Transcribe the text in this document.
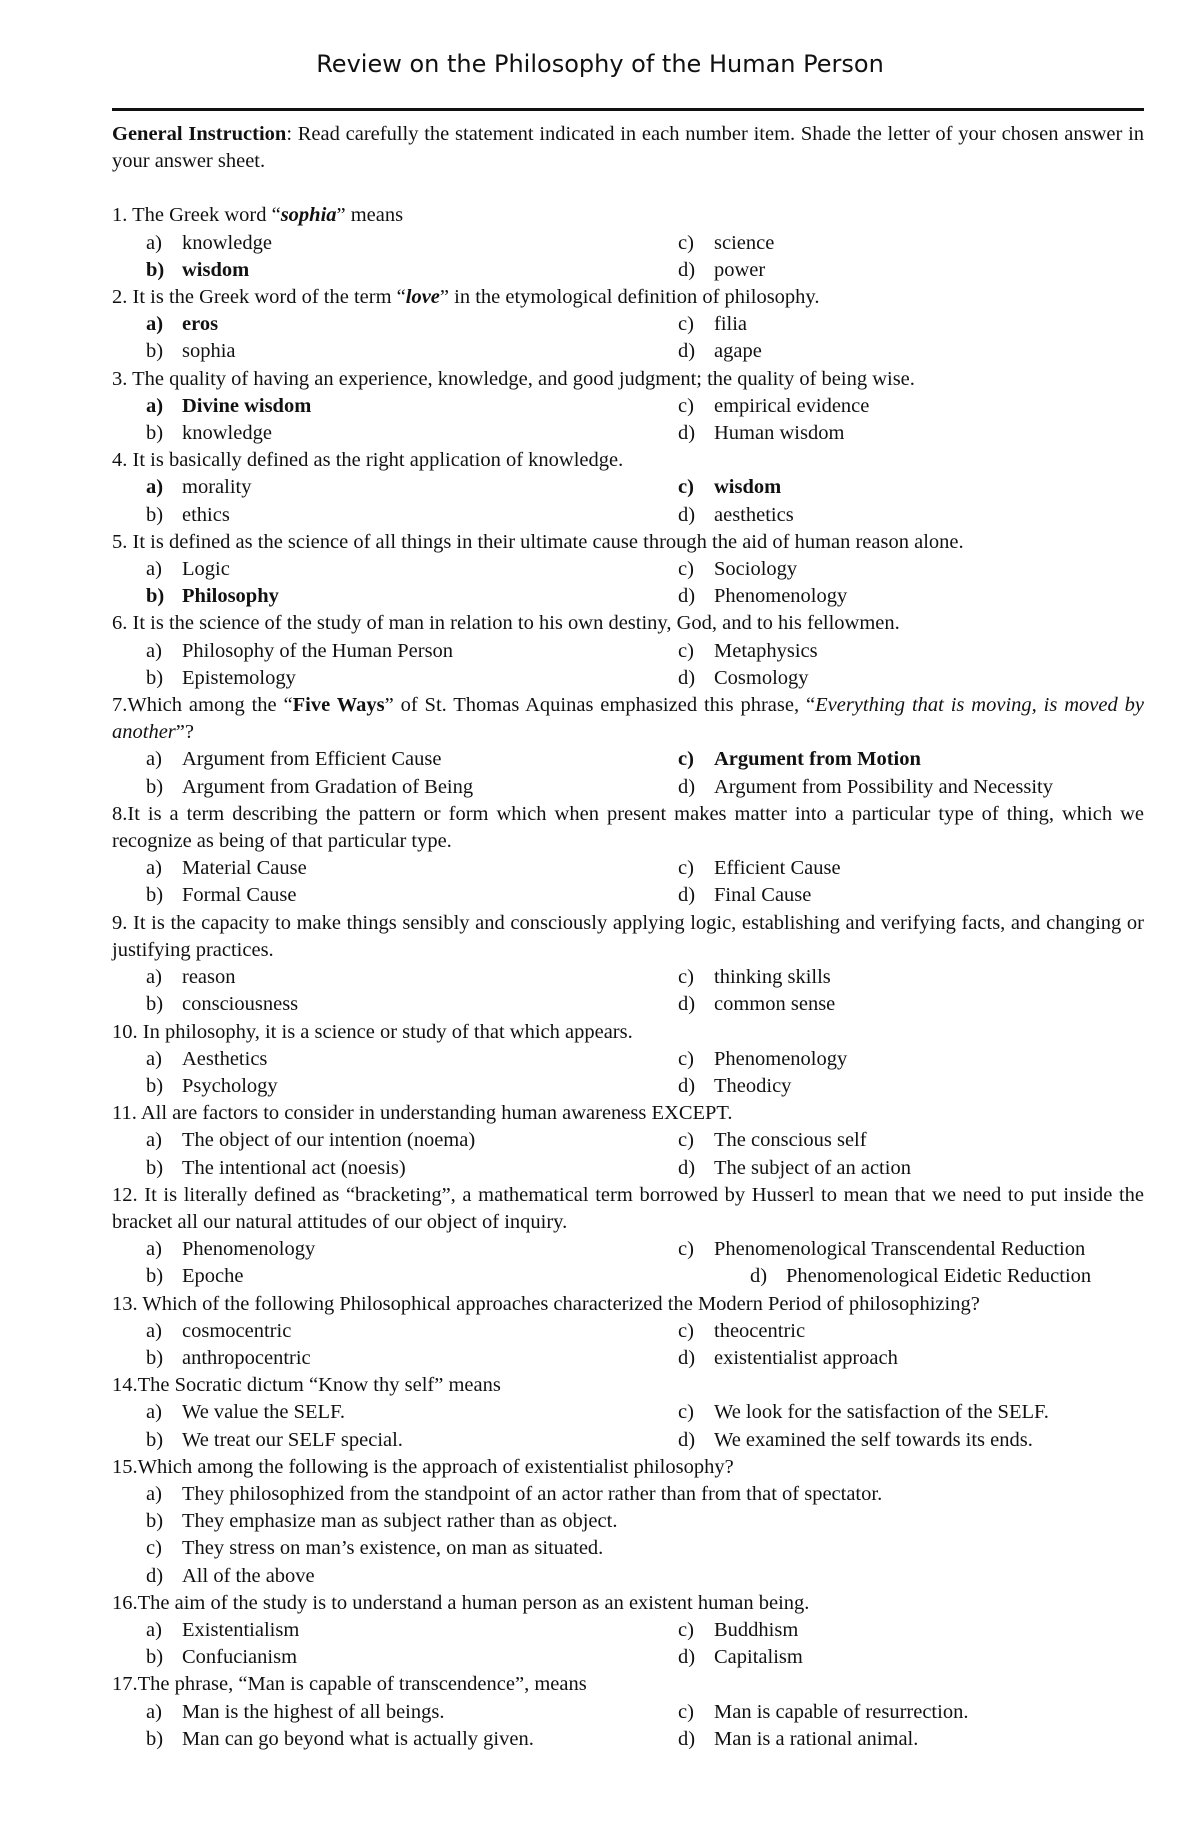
Review on the Philosophy of the Human Person

General Instruction: Read carefully the statement indicated in each number item. Shade the letter of your chosen answer in your answer sheet.

1. The Greek word “sophia” means
a) knowledge	c) science
b) wisdom	d) power
2. It is the Greek word of the term “love” in the etymological definition of philosophy.
a) eros	c) filia
b) sophia	d) agape
3. The quality of having an experience, knowledge, and good judgment; the quality of being wise.
a) Divine wisdom	c) empirical evidence
b) knowledge	d) Human wisdom
4. It is basically defined as the right application of knowledge.
a) morality	c) wisdom
b) ethics	d) aesthetics
5. It is defined as the science of all things in their ultimate cause through the aid of human reason alone.
a) Logic	c) Sociology
b) Philosophy	d) Phenomenology
6. It is the science of the study of man in relation to his own destiny, God, and to his fellowmen.
a) Philosophy of the Human Person	c) Metaphysics
b) Epistemology	d) Cosmology
7.Which among the “Five Ways” of St. Thomas Aquinas emphasized this phrase, “Everything that is moving, is moved by another”?
a) Argument from Efficient Cause	c) Argument from Motion
b) Argument from Gradation of Being	d) Argument from Possibility and Necessity
8.It is a term describing the pattern or form which when present makes matter into a particular type of thing, which we recognize as being of that particular type.
a) Material Cause	c) Efficient Cause
b) Formal Cause	d) Final Cause
9. It is the capacity to make things sensibly and consciously applying logic, establishing and verifying facts, and changing or justifying practices.
a) reason	c) thinking skills
b) consciousness	d) common sense
10. In philosophy, it is a science or study of that which appears.
a) Aesthetics	c) Phenomenology
b) Psychology	d) Theodicy
11. All are factors to consider in understanding human awareness EXCEPT.
a) The object of our intention (noema)	c) The conscious self
b) The intentional act (noesis)	d) The subject of an action
12. It is literally defined as “bracketing”, a mathematical term borrowed by Husserl to mean that we need to put inside the bracket all our natural attitudes of our object of inquiry.
a) Phenomenology	c) Phenomenological Transcendental Reduction
b) Epoche	d) Phenomenological Eidetic Reduction
13. Which of the following Philosophical approaches characterized the Modern Period of philosophizing?
a) cosmocentric	c) theocentric
b) anthropocentric	d) existentialist approach
14.The Socratic dictum “Know thy self” means
a) We value the SELF.	c) We look for the satisfaction of the SELF.
b) We treat our SELF special.	d) We examined the self towards its ends.
15.Which among the following is the approach of existentialist philosophy?
a) They philosophized from the standpoint of an actor rather than from that of spectator.
b) They emphasize man as subject rather than as object.
c) They stress on man’s existence, on man as situated.
d) All of the above
16.The aim of the study is to understand a human person as an existent human being.
a) Existentialism	c) Buddhism
b) Confucianism	d) Capitalism
17.The phrase, “Man is capable of transcendence”, means
a) Man is the highest of all beings.	c) Man is capable of resurrection.
b) Man can go beyond what is actually given.	d) Man is a rational animal.
